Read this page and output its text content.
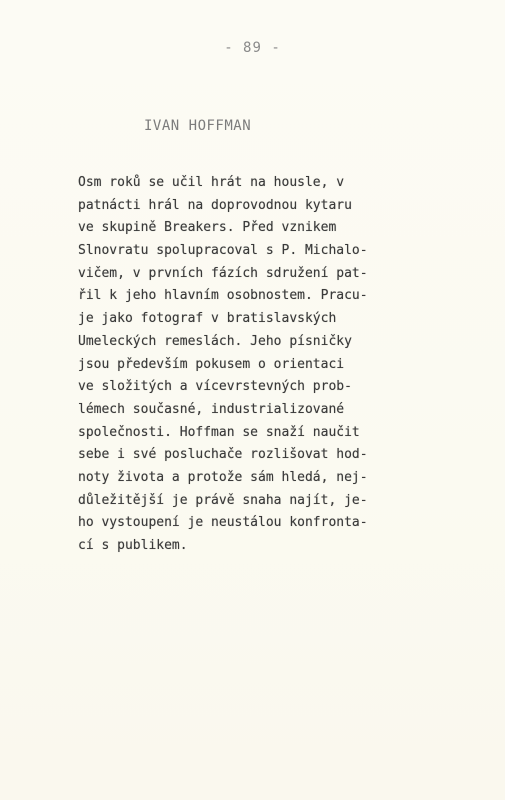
- 89 -
IVAN HOFFMAN
Osm roků se učil hrát na housle, v
patnácti hrál na doprovodnou kytaru
ve skupině Breakers. Před vznikem
Slnovratu spolupracoval s P. Michalo-
vičem, v prvních fázích sdružení pat-
řil k jeho hlavním osobnostem. Pracu-
je jako fotograf v bratislavských
Umeleckých remeslách. Jeho písničky
jsou především pokusem o orientaci
ve složitých a vícevrstevných prob-
lémech současné, industrializované
společnosti. Hoffman se snaží naučit
sebe i své posluchače rozlišovat hod-
noty života a protože sám hledá, nej-
důležitější je právě snaha najít, je-
ho vystoupení je neustálou konfronta-
cí s publikem.
